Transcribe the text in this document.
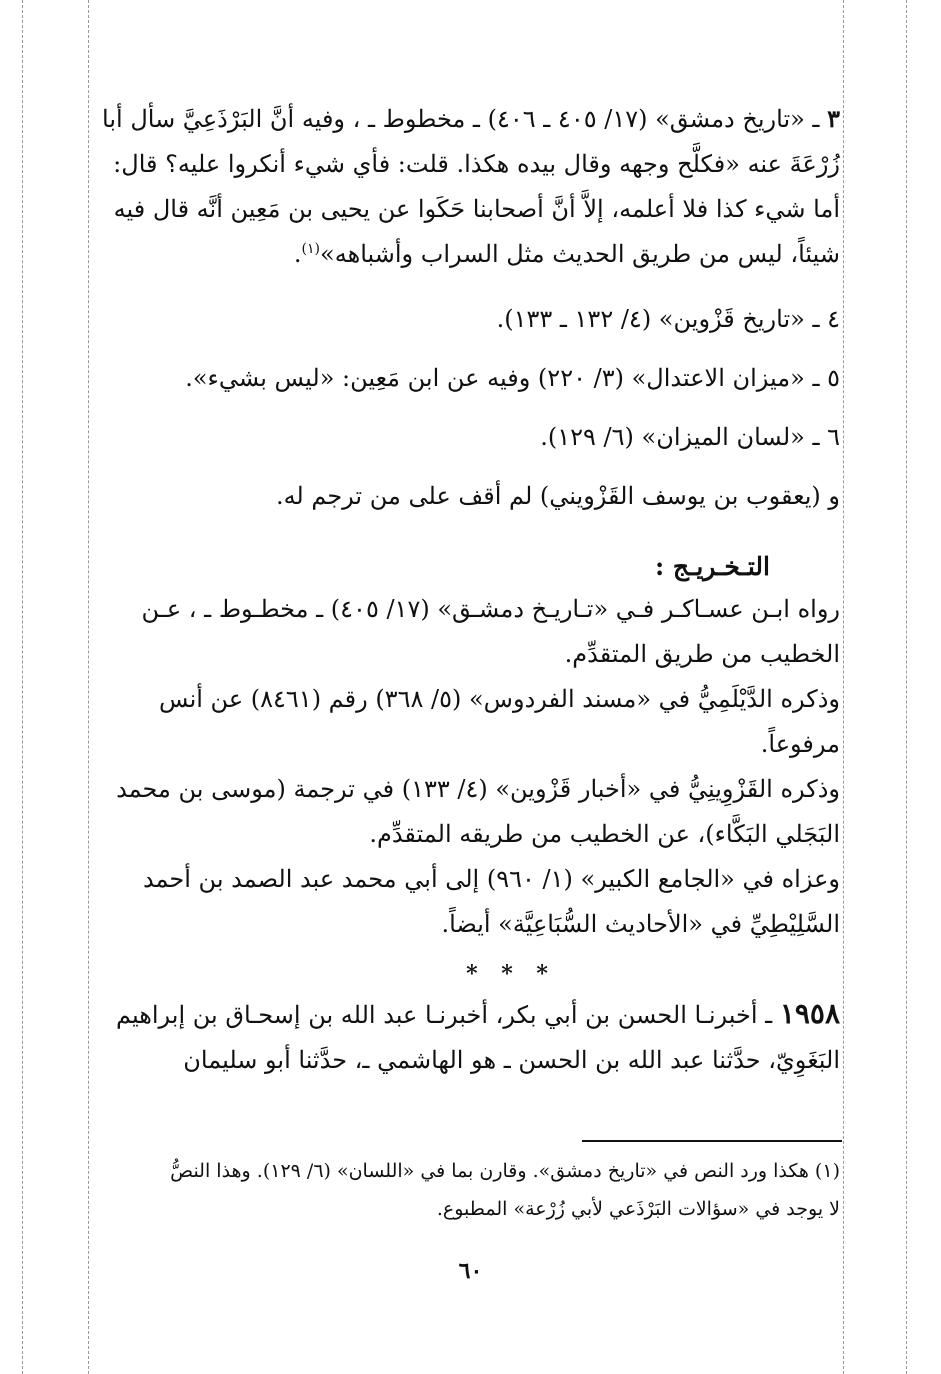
٣ ـ «تاريخ دمشق» (١٧/ ٤٠٥ ـ ٤٠٦) ـ مخطوط ـ ، وفيه أنَّ البَرْذَعِيَّ سأل أبا زُرْعَةَ عنه «فكلَّح وجهه وقال بيده هكذا. قلت: فأي شيء أنكروا عليه؟ قال: أما شيء كذا فلا أعلمه، إلاَّ أنَّ أصحابنا حَكَوا عن يحيى بن مَعِين أنَّه قال فيه شيئاً، ليس من طريق الحديث مثل السراب وأشباهه»$^{(١)}$.

٤ ـ «تاريخ قَزْوين» (٤/ ١٣٢ ـ ١٣٣).

٥ ـ «ميزان الاعتدال» (٣/ ٢٢٠) وفيه عن ابن مَعِين: «ليس بشيء».

٦ ـ «لسان الميزان» (٦/ ١٢٩).

و (يعقوب بن يوسف القَزْويني) لم أقف على من ترجم له.

التـخـريـج :

رواه ابـن عسـاكـر فـي «تـاريـخ دمشـق» (١٧/ ٤٠٥) ـ مخطـوط ـ ، عـن الخطيب من طريق المتقدِّم.

وذكره الدَّيْلَمِيُّ في «مسند الفردوس» (٥/ ٣٦٨) رقم (٨٤٦١) عن أنس مرفوعاً.

وذكره القَزْوِينِيُّ في «أخبار قَزْوين» (٤/ ١٣٣) في ترجمة (موسى بن محمد البَجَلي البَكَّاء)، عن الخطيب من طريقه المتقدِّم.

وعزاه في «الجامع الكبير» (١/ ٩٦٠) إلى أبي محمد عبد الصمد بن أحمد السَّلِيْطِيِّ في «الأحاديث السُّبَاعِيَّة» أيضاً.

* * *

١٩٥٨ ـ أخبرنـا الحسن بن أبي بكر، أخبرنـا عبد الله بن إسحـاق بن إبراهيم البَغَوِيّ، حدَّثنا عبد الله بن الحسن ـ هو الهاشمي ـ، حدَّثنا أبو سليمان

(١) هكذا ورد النص في «تاريخ دمشق». وقارن بما في «اللسان» (٦/ ١٢٩). وهذا النصُّ

لا يوجد في «سؤالات البَرْذَعي لأبي زُرْعة» المطبوع.

٦٠
